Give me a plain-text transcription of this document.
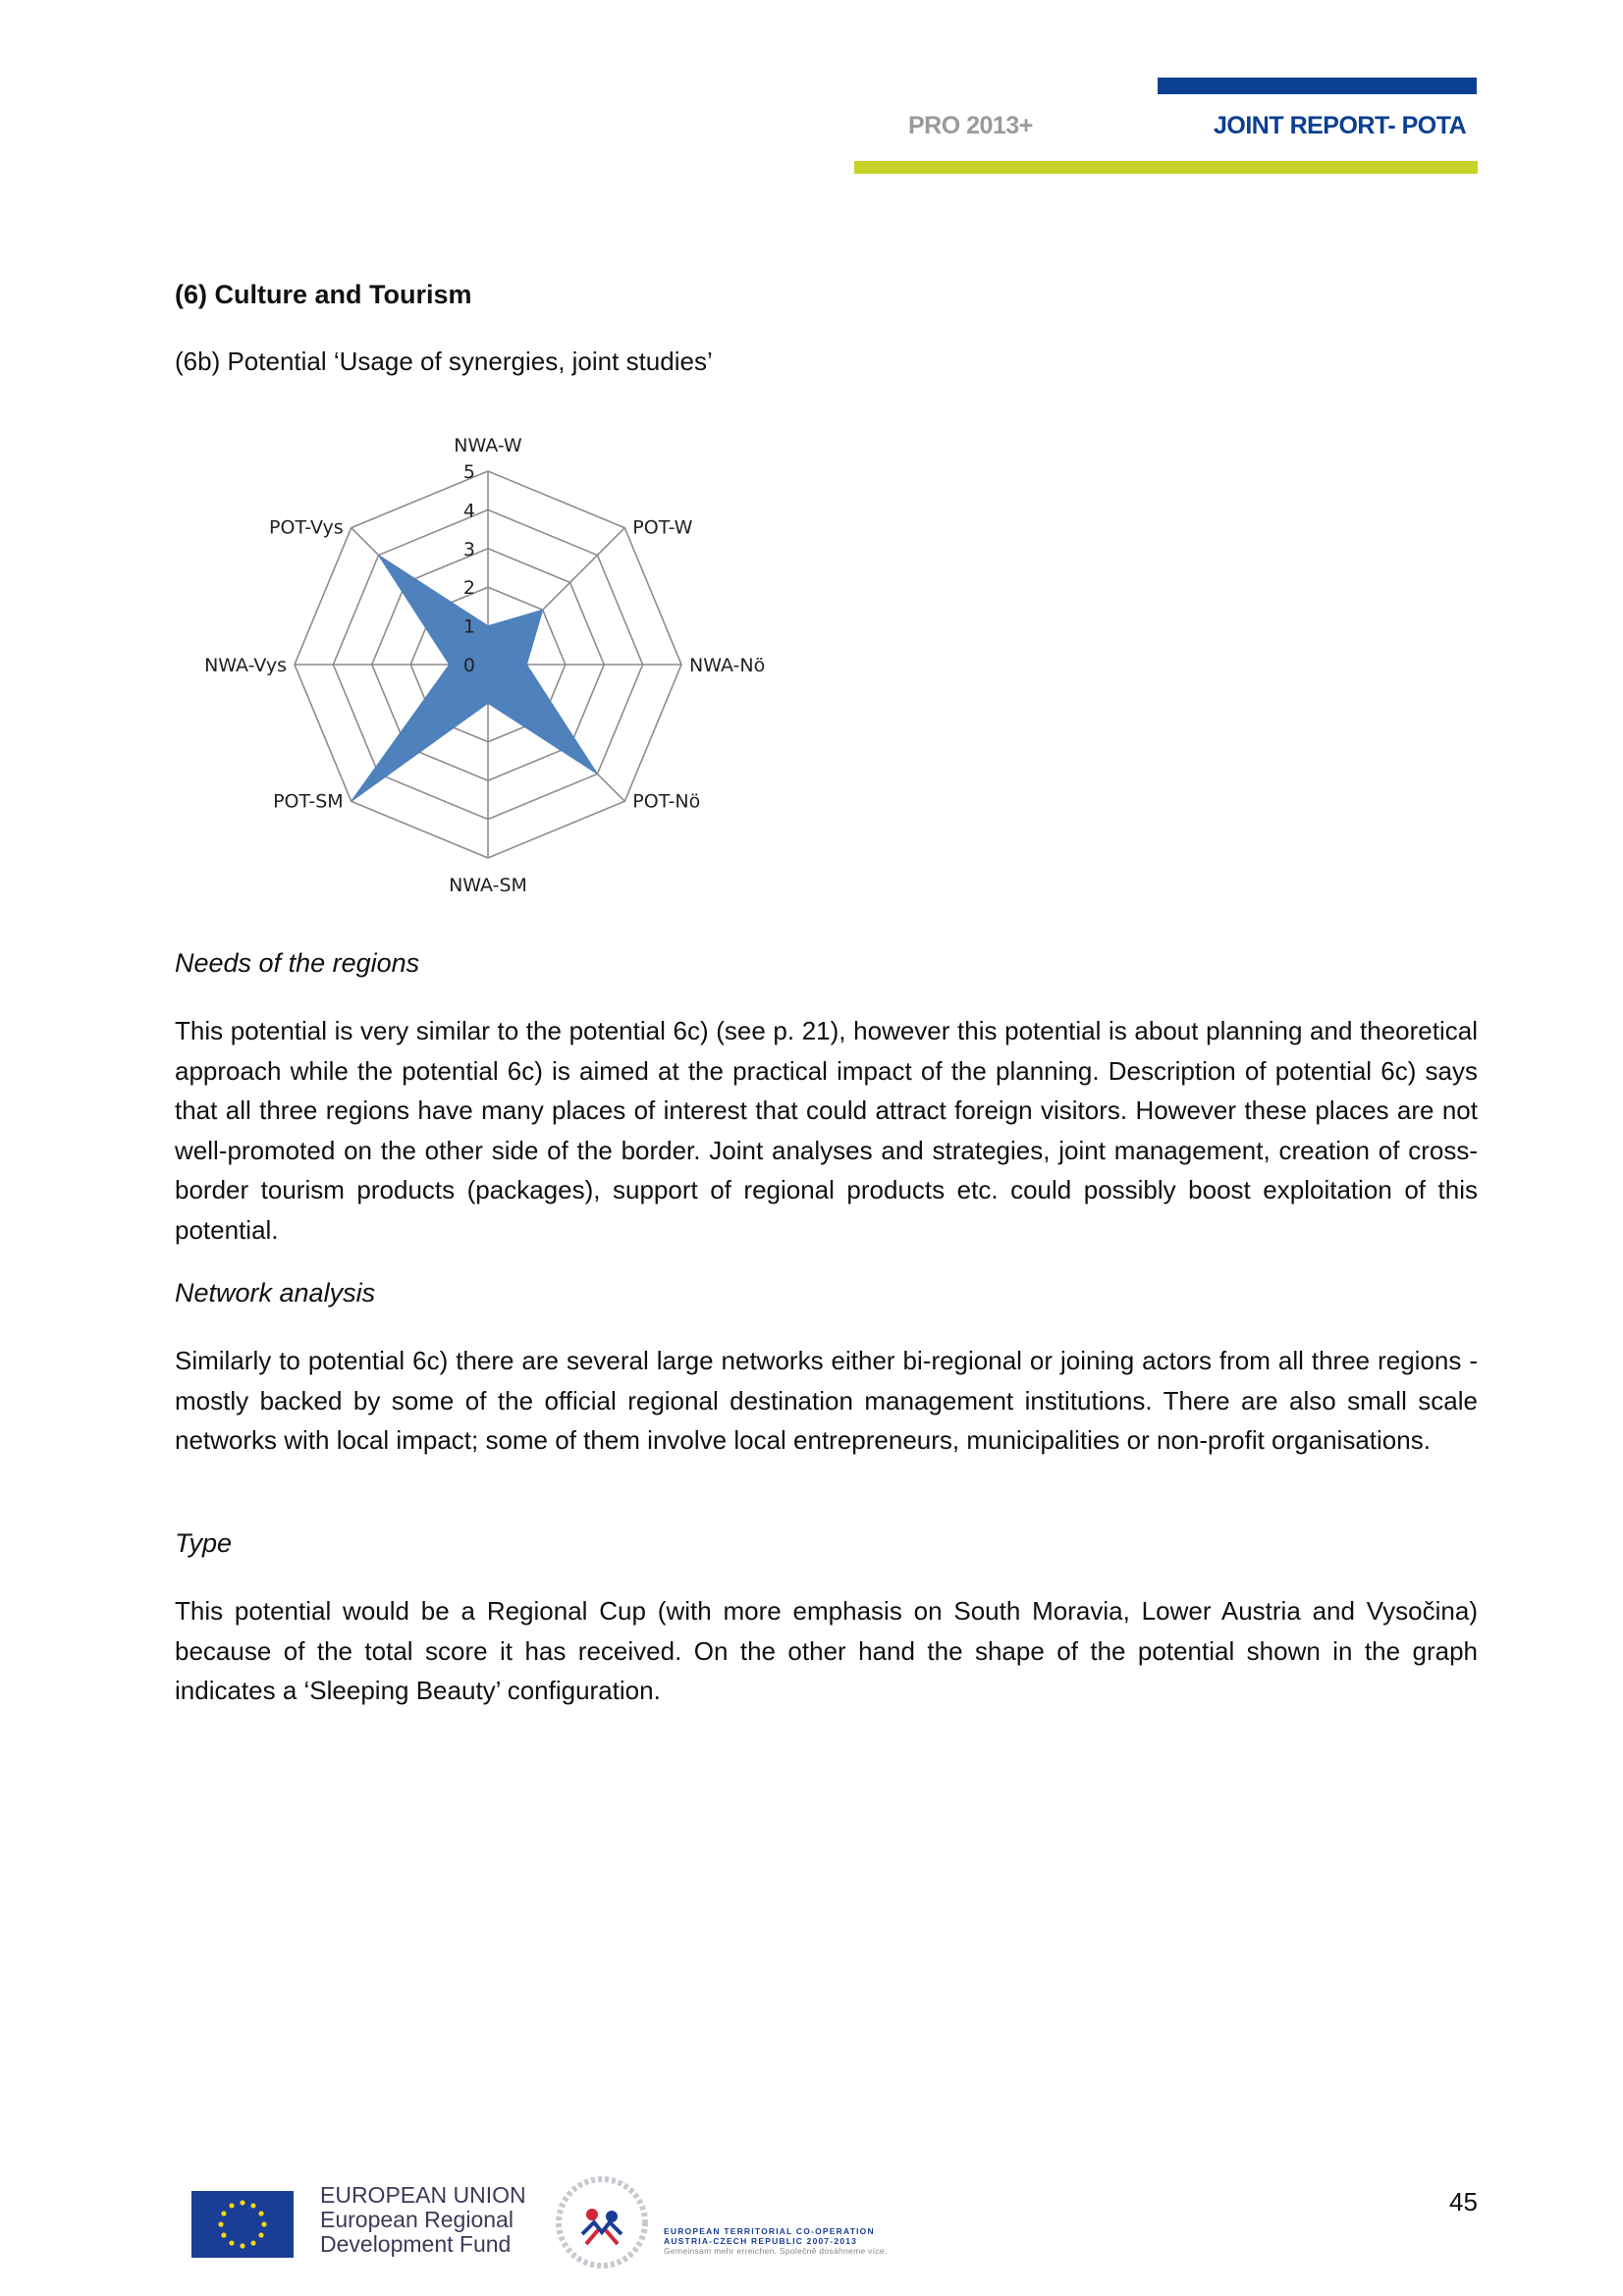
PRO 2013+	JOINT REPORT- POTA
(6) Culture and Tourism
(6b) Potential ‘Usage of synergies, joint studies’
0
1
2
3
4
5
NWA-W
POT-W
NWA-Nö
POT-Nö
NWA-SM
POT-SM
NWA-Vys
POT-Vys
Needs of the regions

This potential is very similar to the potential 6c) (see p. 21), however this potential is about planning and theoretical approach while the potential 6c) is aimed at the practical impact of the planning. Description of potential 6c) says that all three regions have many places of interest that could attract foreign visitors. However these places are not well-promoted on the other side of the border. Joint analyses and strategies, joint management, creation of cross-border tourism products (packages), support of regional products etc. could possibly boost exploitation of this potential.

Network analysis

Similarly to potential 6c) there are several large networks either bi-regional or joining actors from all three regions - mostly backed by some of the official regional destination management institutions. There are also small scale networks with local impact; some of them involve local entrepreneurs, municipalities or non-profit organisations.

Type

This potential would be a Regional Cup (with more emphasis on South Moravia, Lower Austria and Vysočina) because of the total score it has received. On the other hand the shape of the potential shown in the graph indicates a ‘Sleeping Beauty’ configuration.

EUROPEAN UNION
European Regional
Development Fund	EUROPEAN TERRITORIAL CO-OPERATION
AUSTRIA-CZECH REPUBLIC 2007-2013
Gemeinsam mehr erreichen. Společně dosáhneme více.
45
